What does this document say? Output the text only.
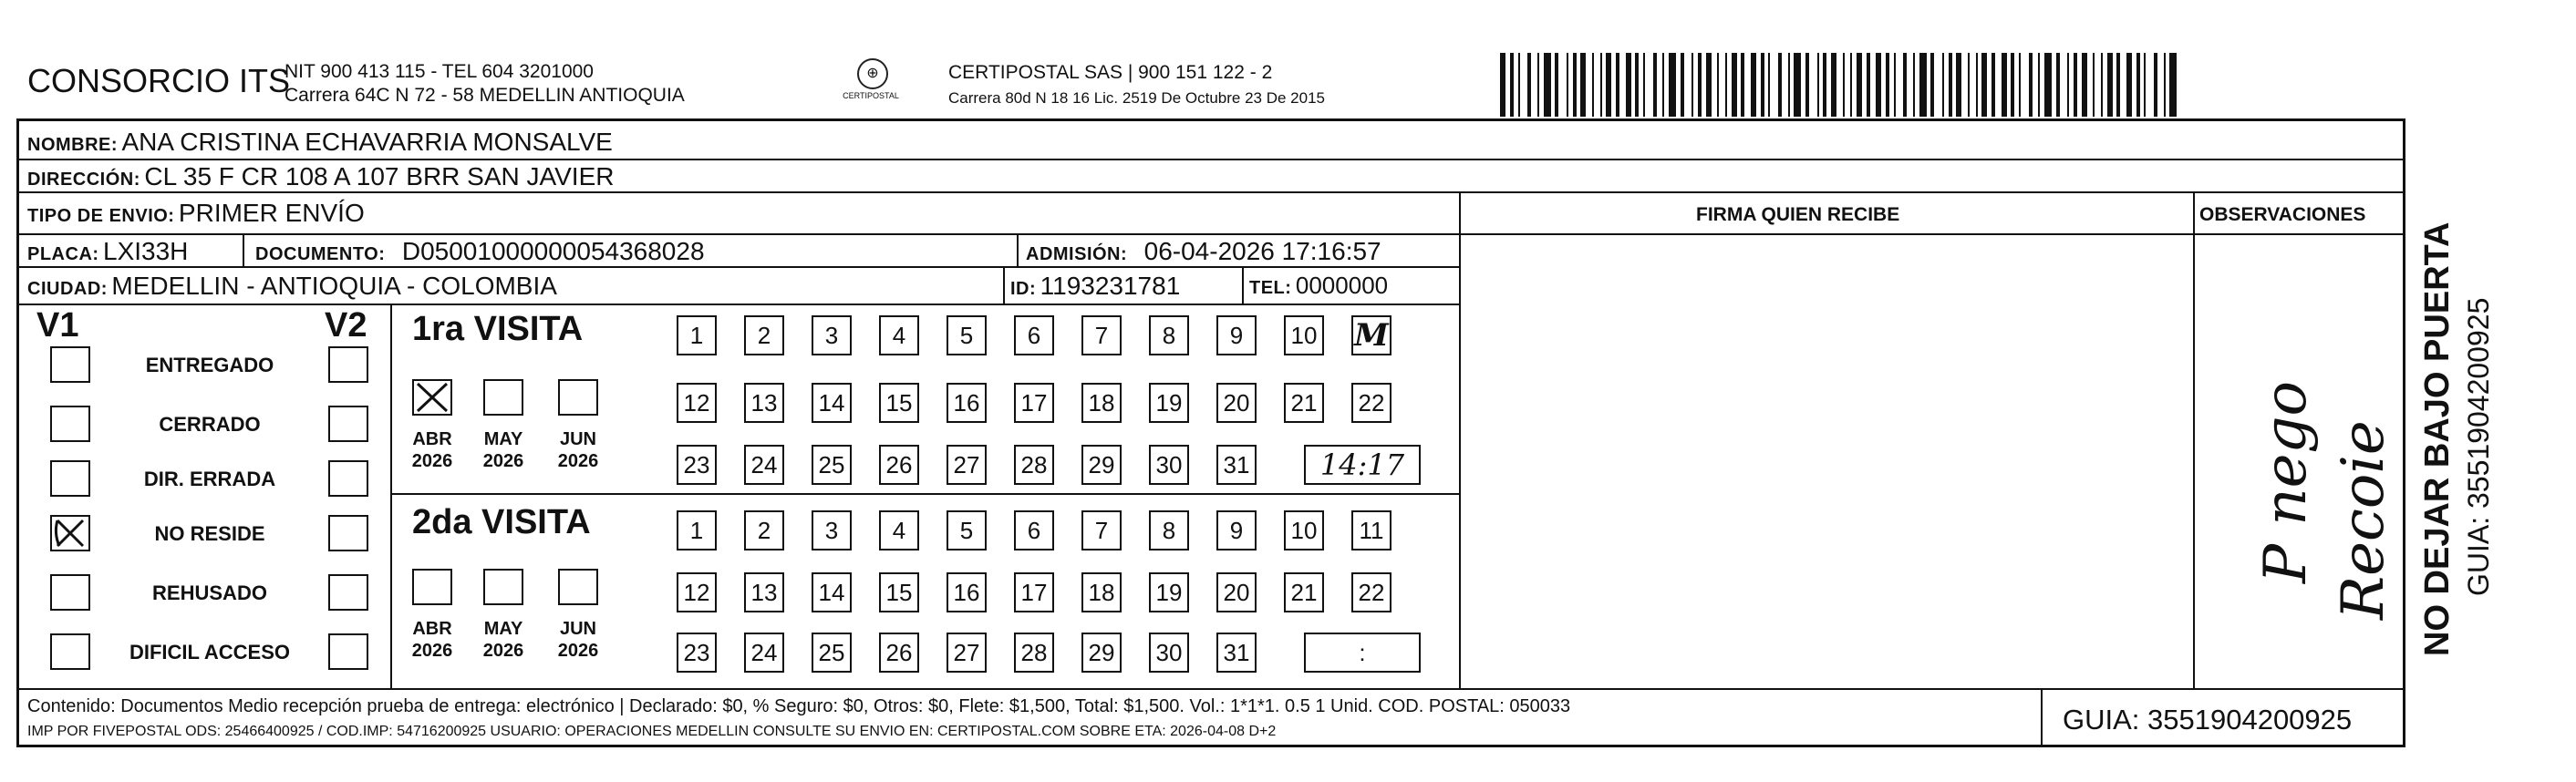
CONSORCIO ITS
NIT 900 413 115 - TEL 604 3201000
Carrera 64C N 72 - 58 MEDELLIN ANTIOQUIA
⊕
CERTIPOSTAL
CERTIPOSTAL SAS | 900 151 122 - 2
Carrera 80d N 18 16 Lic. 2519 De Octubre 23 De 2015
NOMBRE: ANA CRISTINA ECHAVARRIA MONSALVE
DIRECCIÓN: CL 35 F CR 108 A 107 BRR SAN JAVIER
TIPO DE ENVIO: PRIMER ENVÍO	FIRMA QUIEN RECIBE	OBSERVACIONES
PLACA: LXI33H	DOCUMENTO: D05001000000054368028	ADMISIÓN: 06-04-2026 17:16:57
CIUDAD: MEDELLIN - ANTIOQUIA - COLOMBIA	ID: 1193231781	TEL: 0000000
V1	V2
ENTREGADO
CERRADO
DIR. ERRADA
NO RESIDE
REHUSADO
DIFICIL ACCESO
1ra VISITA
ABR
2026
MAY
2026
JUN
2026
1	2	3	4	5	6	7	8	9	10 M
12 13 14 15 16 17 18 19 20 21 22
23 24 25 26 27 28 29 30 31	14:17
2da VISITA
ABR
2026
MAY
2026
JUN
2026
1	2	3	4	5	6	7	8	9	10	11
12 13 14 15 16 17 18 19 20 21 22
23 24 25 26 27 28 29 30 31	:
P nego Recoie
Contenido: Documentos Medio recepción prueba de entrega: electrónico | Declarado: $0, % Seguro: $0, Otros: $0, Flete: $1,500, Total: $1,500. Vol.: 1*1*1. 0.5 1 Unid. COD. POSTAL: 050033
IMP POR FIVEPOSTAL ODS: 25466400925 / COD.IMP: 54716200925 USUARIO: OPERACIONES MEDELLIN CONSULTE SU ENVIO EN: CERTIPOSTAL.COM SOBRE ETA: 2026-04-08 D+2	GUIA: 3551904200925
NO DEJAR BAJO PUERTA GUIA: 3551904200925
